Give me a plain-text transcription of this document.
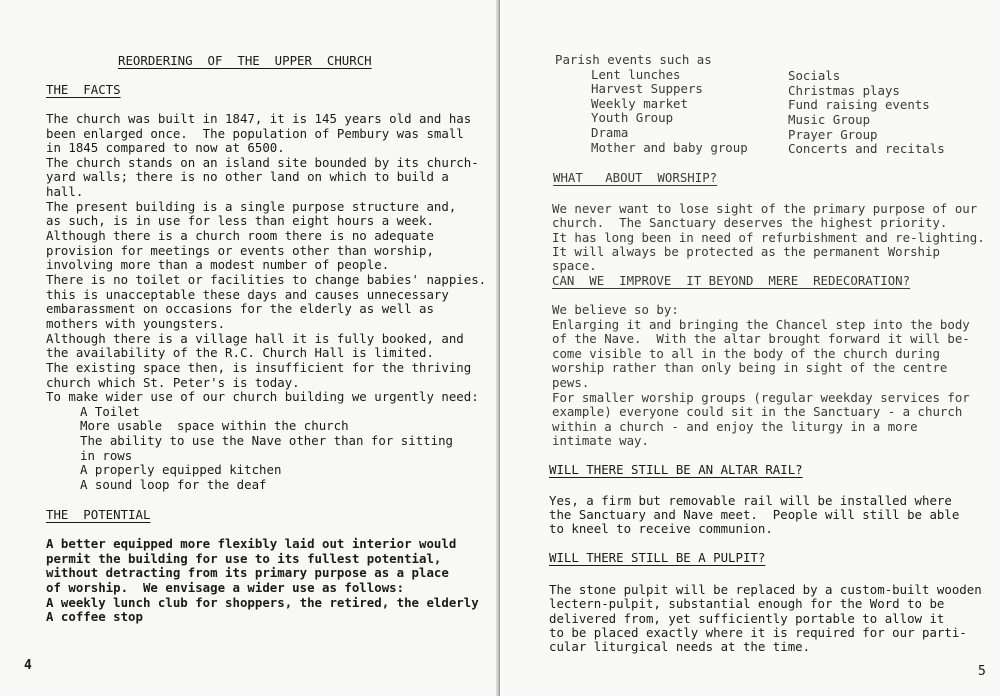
REORDERING  OF  THE  UPPER  CHURCH
THE  FACTS
The church was built in 1847, it is 145 years old and has
been enlarged once.  The population of Pembury was small
in 1845 compared to now at 6500.
The church stands on an island site bounded by its church-
yard walls; there is no other land on which to build a
hall.
The present building is a single purpose structure and,
as such, is in use for less than eight hours a week.
Although there is a church room there is no adequate
provision for meetings or events other than worship,
involving more than a modest number of people.
There is no toilet or facilities to change babies' nappies.
this is unacceptable these days and causes unnecessary
embarassment on occasions for the elderly as well as
mothers with youngsters.
Although there is a village hall it is fully booked, and
the availability of the R.C. Church Hall is limited.
The existing space then, is insufficient for the thriving
church which St. Peter's is today.
To make wider use of our church building we urgently need:
A Toilet
More usable  space within the church
The ability to use the Nave other than for sitting
in rows
A properly equipped kitchen
A sound loop for the deaf
THE  POTENTIAL
A better equipped more flexibly laid out interior would
permit the building for use to its fullest potential,
without detracting from its primary purpose as a place
of worship.  We envisage a wider use as follows:
A weekly lunch club for shoppers, the retired, the elderly
A coffee stop
4
Parish events such as
Lent lunches
Harvest Suppers
Weekly market
Youth Group
Drama
Mother and baby group
Socials
Christmas plays
Fund raising events
Music Group
Prayer Group
Concerts and recitals
WHAT   ABOUT  WORSHIP?
We never want to lose sight of the primary purpose of our
church.  The Sanctuary deserves the highest priority.
It has long been in need of refurbishment and re-lighting.
It will always be protected as the permanent Worship
space.
CAN  WE  IMPROVE  IT BEYOND  MERE  REDECORATION?
We believe so by:
Enlarging it and bringing the Chancel step into the body
of the Nave.  With the altar brought forward it will be-
come visible to all in the body of the church during
worship rather than only being in sight of the centre
pews.
For smaller worship groups (regular weekday services for
example) everyone could sit in the Sanctuary - a church
within a church - and enjoy the liturgy in a more
intimate way.
WILL THERE STILL BE AN ALTAR RAIL?
Yes, a firm but removable rail will be installed where
the Sanctuary and Nave meet.  People will still be able
to kneel to receive communion.
WILL THERE STILL BE A PULPIT?
The stone pulpit will be replaced by a custom-built wooden
lectern-pulpit, substantial enough for the Word to be
delivered from, yet sufficiently portable to allow it
to be placed exactly where it is required for our parti-
cular liturgical needs at the time.
5
